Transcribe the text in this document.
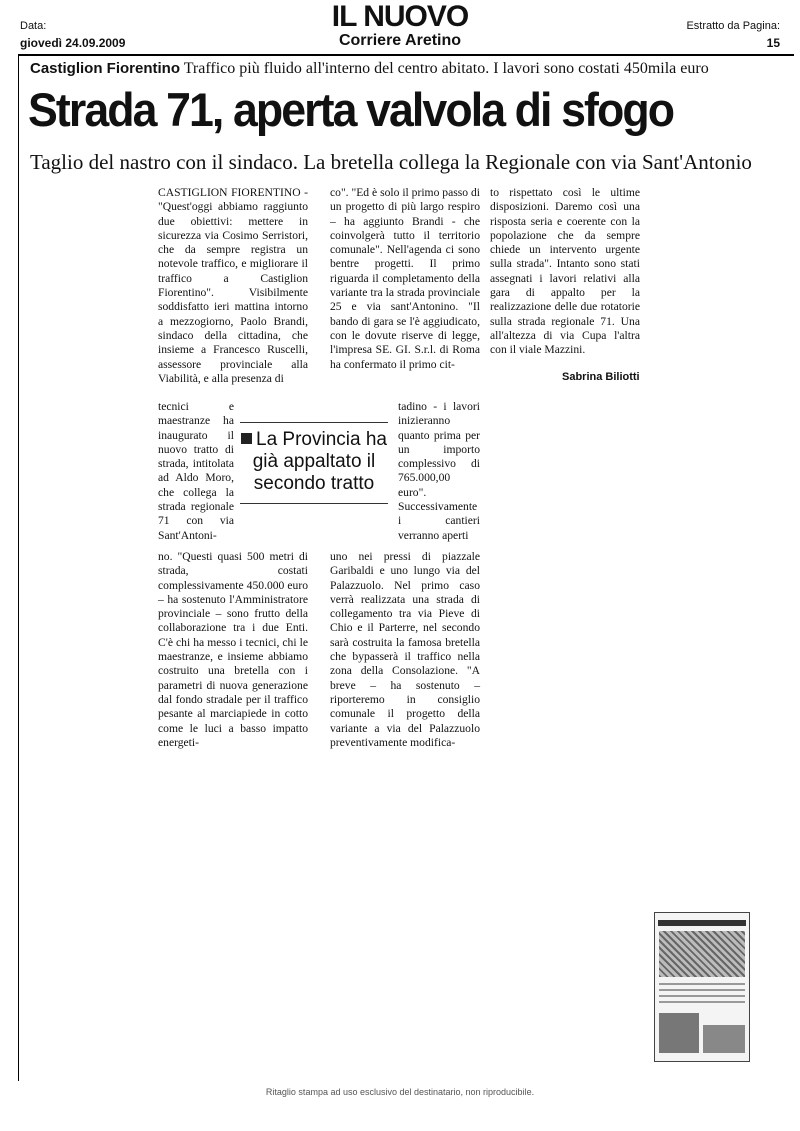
Data:
giovedì 24.09.2009
IL NUOVO
Corriere Aretino
Estratto da Pagina:
15
Castiglion Fiorentino Traffico più fluido all'interno del centro abitato. I lavori sono costati 450mila euro
Strada 71, aperta valvola di sfogo
Taglio del nastro con il sindaco. La bretella collega la Regionale con via Sant'Antonio

CASTIGLION FIORENTINO - "Quest'oggi abbiamo raggiunto due obiettivi: mettere in sicurezza via Cosimo Serristori, che da sempre registra un notevole traffico, e migliorare il traffico a Castiglion Fiorentino". Visibilmente soddisfatto ieri mattina intorno a mezzogiorno, Paolo Brandi, sindaco della cittadina, che insieme a Francesco Ruscelli, assessore provinciale alla Viabilità, e alla presenza di

tecnici e maestranze ha inaugurato il nuovo tratto di strada, intitolata ad Aldo Moro, che collega la strada regionale 71 con via Sant'Antoni-

no. "Questi quasi 500 metri di strada, costati complessivamente 450.000 euro – ha sostenuto l'Amministratore provinciale – sono frutto della collaborazione tra i due Enti. C'è chi ha messo i tecnici, chi le maestranze, e insieme abbiamo costruito una bretella con i parametri di nuova generazione dal fondo stradale per il traffico pesante al marciapiede in cotto come le luci a basso impatto energeti-

co". "Ed è solo il primo passo di un progetto di più largo respiro – ha aggiunto Brandi - che coinvolgerà tutto il territorio comunale". Nell'agenda ci sono bentre progetti. Il primo riguarda il completamento della variante tra la strada provinciale 25 e via sant'Antonino. "Il bando di gara se l'è aggiudicato, con le dovute riserve di legge, l'impresa SE. GI. S.r.l. di Roma ha confermato il primo cit-

tadino - i lavori inizieranno quanto prima per un importo complessivo di 765.000,00 euro". Successivamente i cantieri verranno aperti

uno nei pressi di piazzale Garibaldi e uno lungo via del Palazzuolo. Nel primo caso verrà realizzata una strada di collegamento tra via Pieve di Chio e il Parterre, nel secondo sarà costruita la famosa bretella che bypasserà il traffico nella zona della Consolazione. "A breve – ha sostenuto – riporteremo in consiglio comunale il progetto della variante a via del Palazzuolo preventivamente modifica-

to rispettato così le ultime disposizioni. Daremo così una risposta seria e coerente con la popolazione che da sempre chiede un intervento urgente sulla strada". Intanto sono stati assegnati i lavori relativi alla gara di appalto per la realizzazione delle due rotatorie sulla strada regionale 71. Una all'altezza di via Cupa l'altra con il viale Mazzini.

Sabrina Biliotti
La Provincia ha già appaltato il secondo tratto
Ritaglio stampa ad uso esclusivo del destinatario, non riproducibile.
